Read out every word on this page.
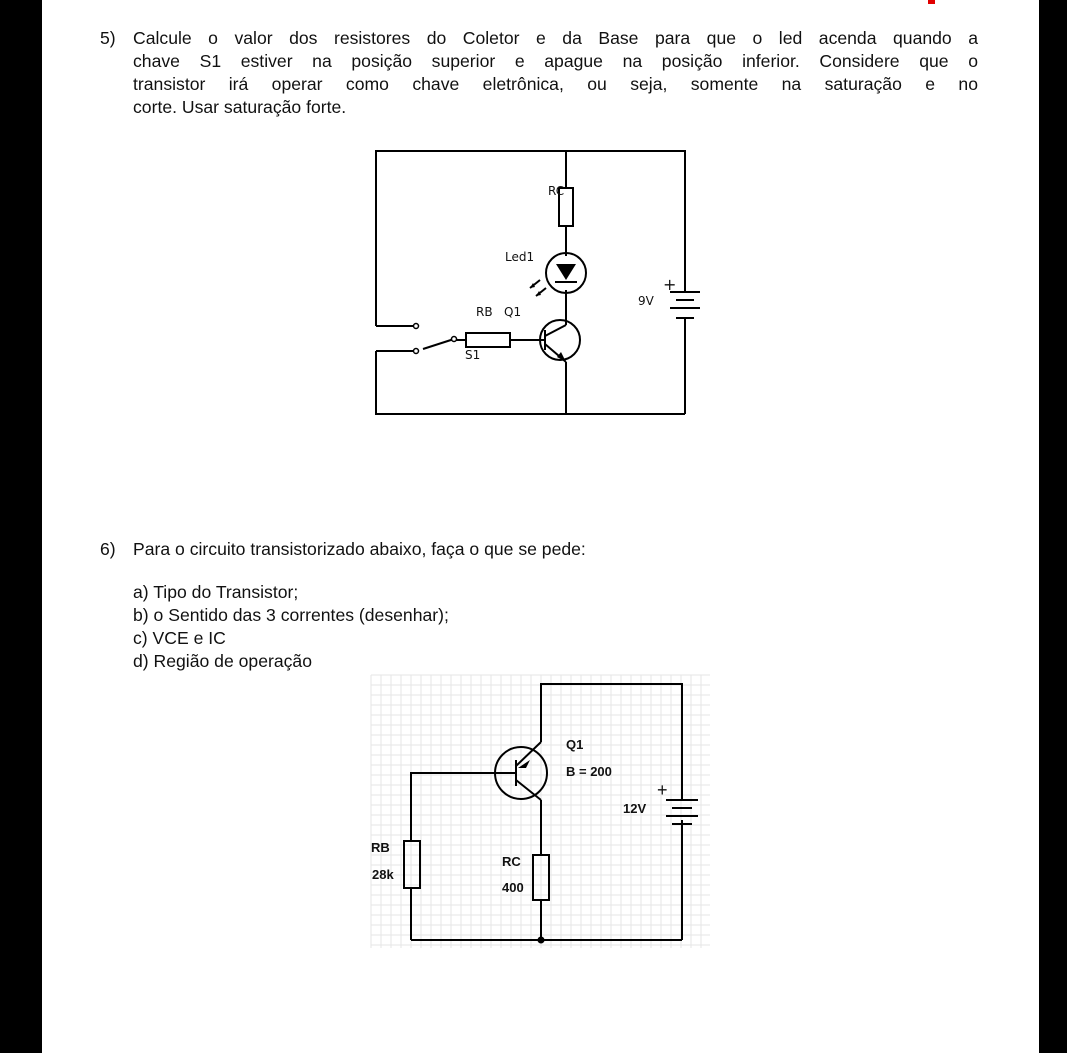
5) Calcule o valor dos resistores do Coletor e da Base para que o led acenda quando a
chave S1 estiver na posição superior e apague na posição inferior. Considere que o
transistor irá operar como chave eletrônica, ou seja, somente na saturação e no
corte. Usar saturação forte.
RC
Led1
RB Q1
S1
9V
+
Q1
B = 200
12V
+
RB
28k
RC
400
6) Para o circuito transistorizado abaixo, faça o que se pede:
a) Tipo do Transistor;
b) o Sentido das 3 correntes (desenhar);
c) VCE e IC
d) Região de operação
